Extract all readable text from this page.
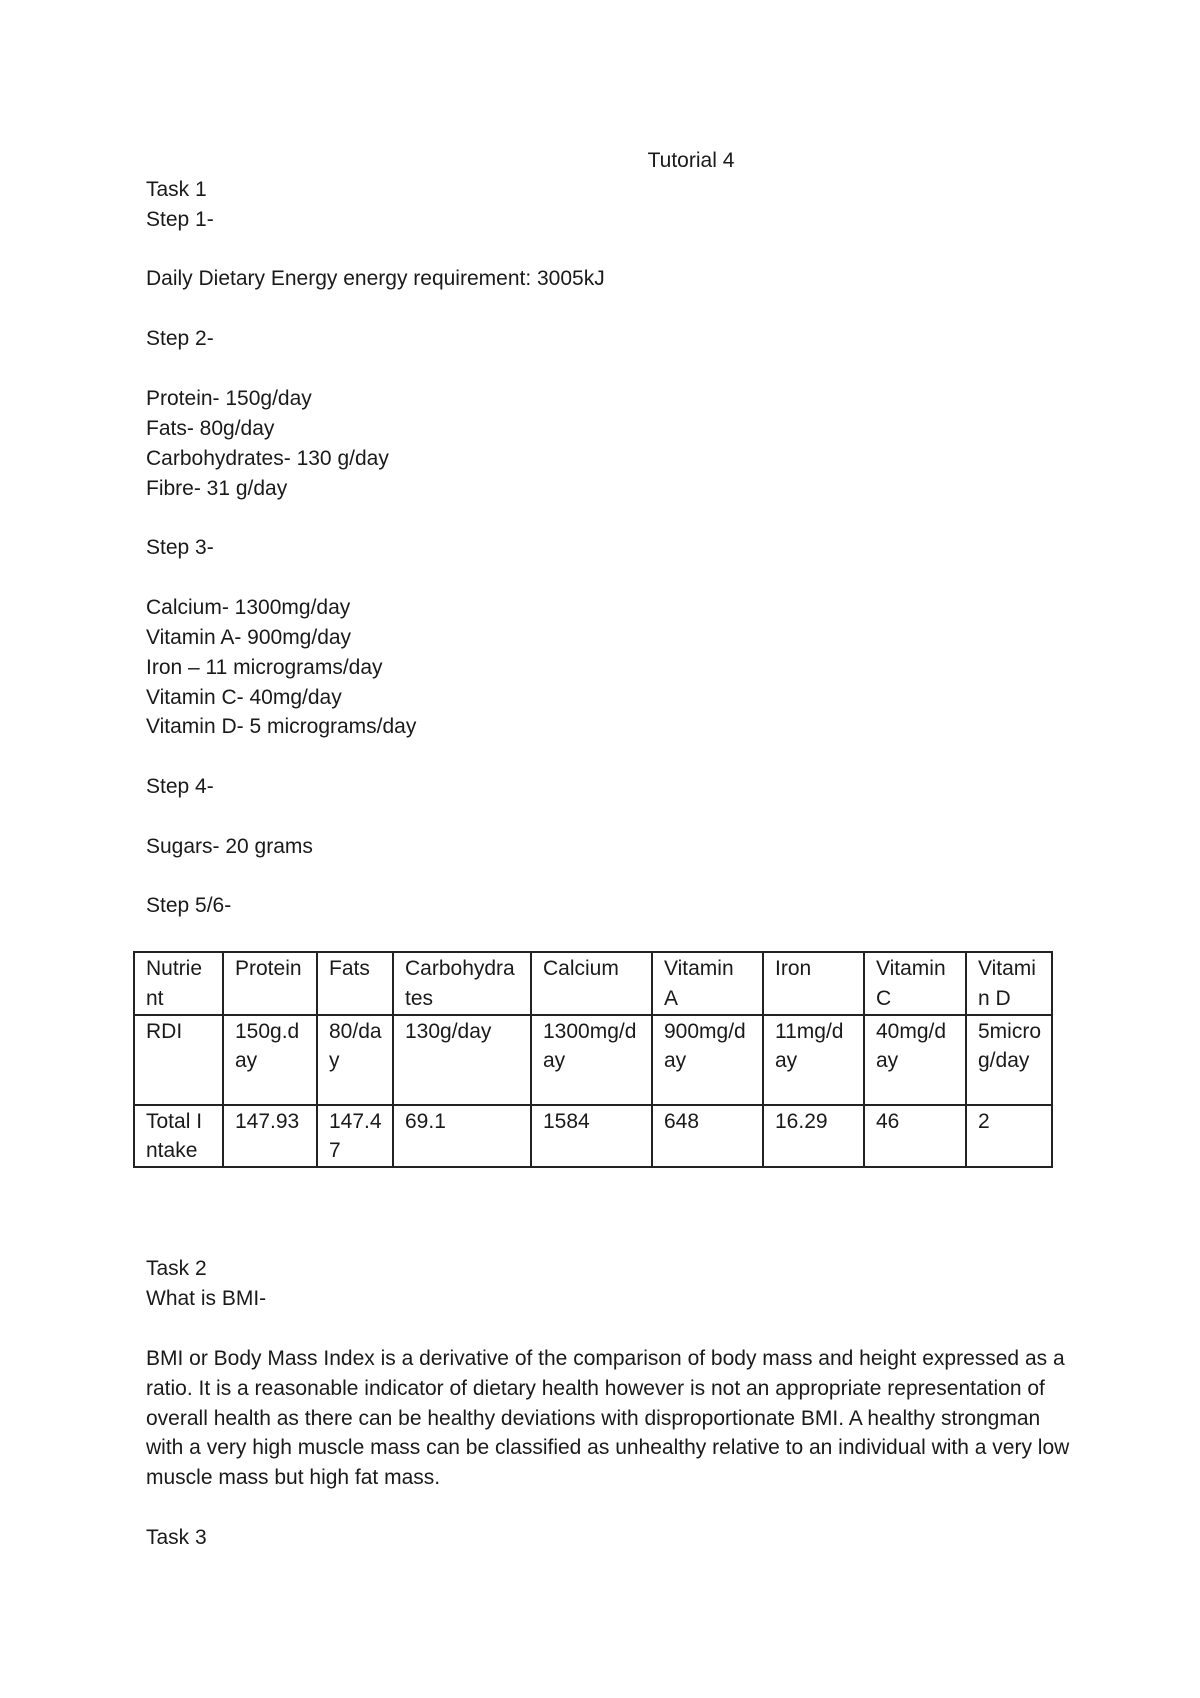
Tutorial 4
Task 1
Step 1-
Daily Dietary Energy energy requirement: 3005kJ
Step 2-
Protein- 150g/day
Fats- 80g/day
Carbohydrates- 130 g/day
Fibre- 31 g/day
Step 3-
Calcium- 1300mg/day
Vitamin A- 900mg/day
Iron – 11 micrograms/day
Vitamin C- 40mg/day
Vitamin D- 5 micrograms/day
Step 4-
Sugars- 20 grams
Step 5/6-
Task 2
What is BMI-
BMI or Body Mass Index is a derivative of the comparison of body mass and height expressed as a ratio. It is a reasonable indicator of dietary health however is not an appropriate representation of overall health as there can be healthy deviations with disproportionate BMI. A healthy strongman with a very high muscle mass can be classified as unhealthy relative to an individual with a very low muscle mass but high fat mass.
Task 3
Nutrient	Protein	Fats	Carbohydrates	Calcium	Vitamin A	Iron	Vitamin C	Vitamin D
RDI	150g.day	80/day	130g/day	1300mg/day	900mg/day	11mg/day	40mg/day	5micro g/day
Total Intake	147.93	147.47	69.1	1584	648	16.29	46	2
